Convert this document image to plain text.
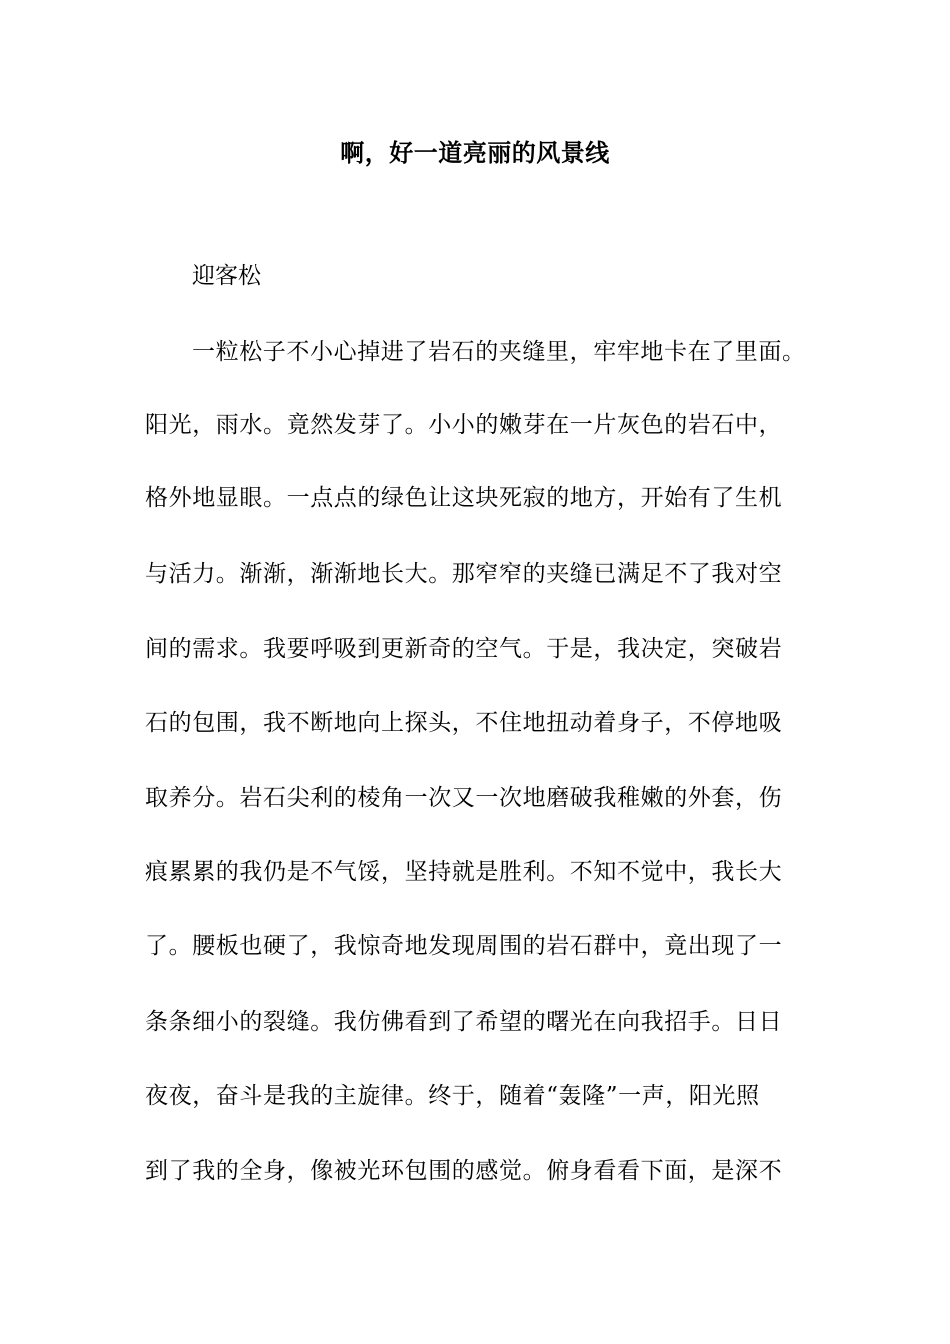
啊，好一道亮丽的风景线
迎客松
一粒松子不小心掉进了岩石的夹缝里，牢牢地卡在了里面。
阳光，雨水。竟然发芽了。小小的嫩芽在一片灰色的岩石中，
格外地显眼。一点点的绿色让这块死寂的地方，开始有了生机
与活力。渐渐，渐渐地长大。那窄窄的夹缝已满足不了我对空
间的需求。我要呼吸到更新奇的空气。于是，我决定，突破岩
石的包围，我不断地向上探头，不住地扭动着身子，不停地吸
取养分。岩石尖利的棱角一次又一次地磨破我稚嫩的外套，伤
痕累累的我仍是不气馁，坚持就是胜利。不知不觉中，我长大
了。腰板也硬了，我惊奇地发现周围的岩石群中，竟出现了一
条条细小的裂缝。我仿佛看到了希望的曙光在向我招手。日日
夜夜，奋斗是我的主旋律。终于，随着“轰隆”一声，阳光照
到了我的全身，像被光环包围的感觉。俯身看看下面，是深不
